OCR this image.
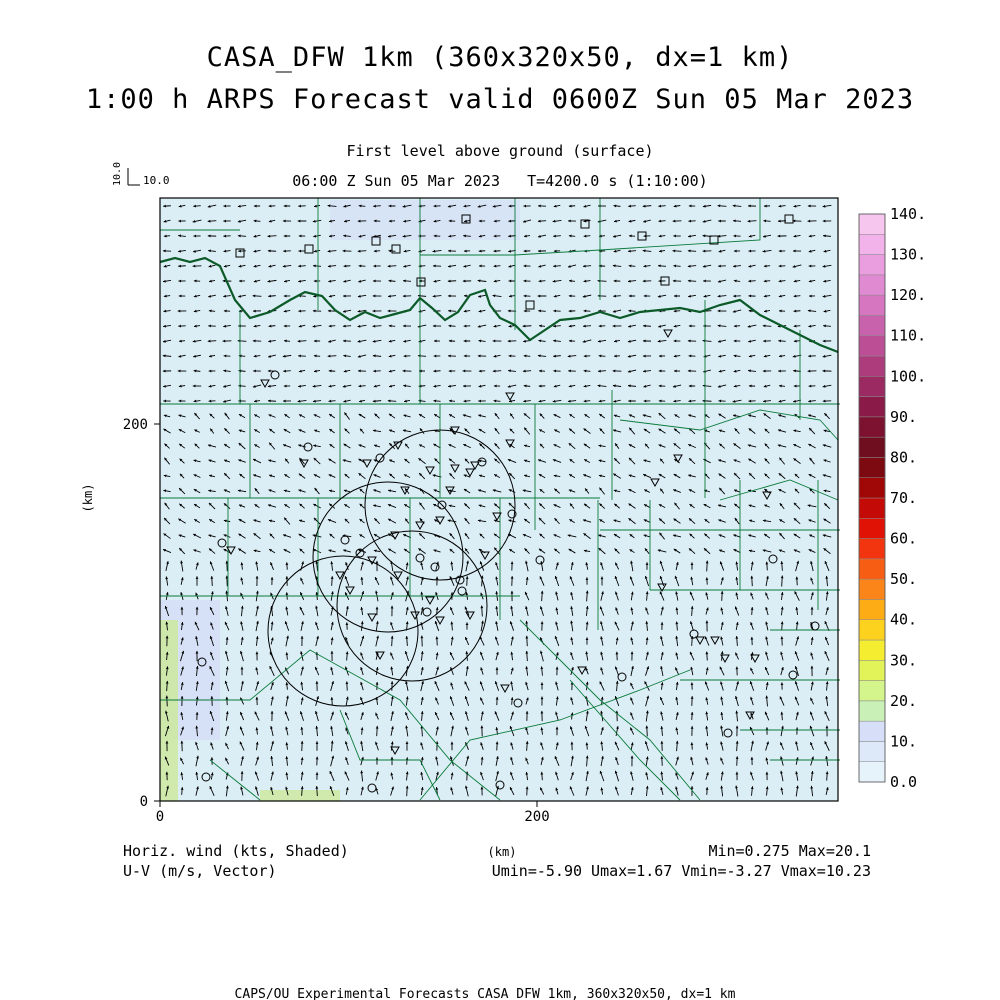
CASA_DFW 1km (360x320x50, dx=1 km)
1:00 h ARPS Forecast valid 0600Z Sun 05 Mar 2023
First level above ground (surface)
06:00 Z Sun 05 Mar 2023   T=4200.0 s (1:10:00)
0	200
0
200
(km)
10.0 10.0
0.0
10.
20.
30.
40.
50.
60.
70.
80.
90.
100.
110.
120.
130.
140.
Horiz. wind (kts, Shaded)
U-V (m/s, Vector)
(km)	Min=0.275 Max=20.1
Umin=-5.90 Umax=1.67 Vmin=-3.27 Vmax=10.23
CAPS/OU Experimental Forecasts CASA DFW 1km, 360x320x50, dx=1 km
